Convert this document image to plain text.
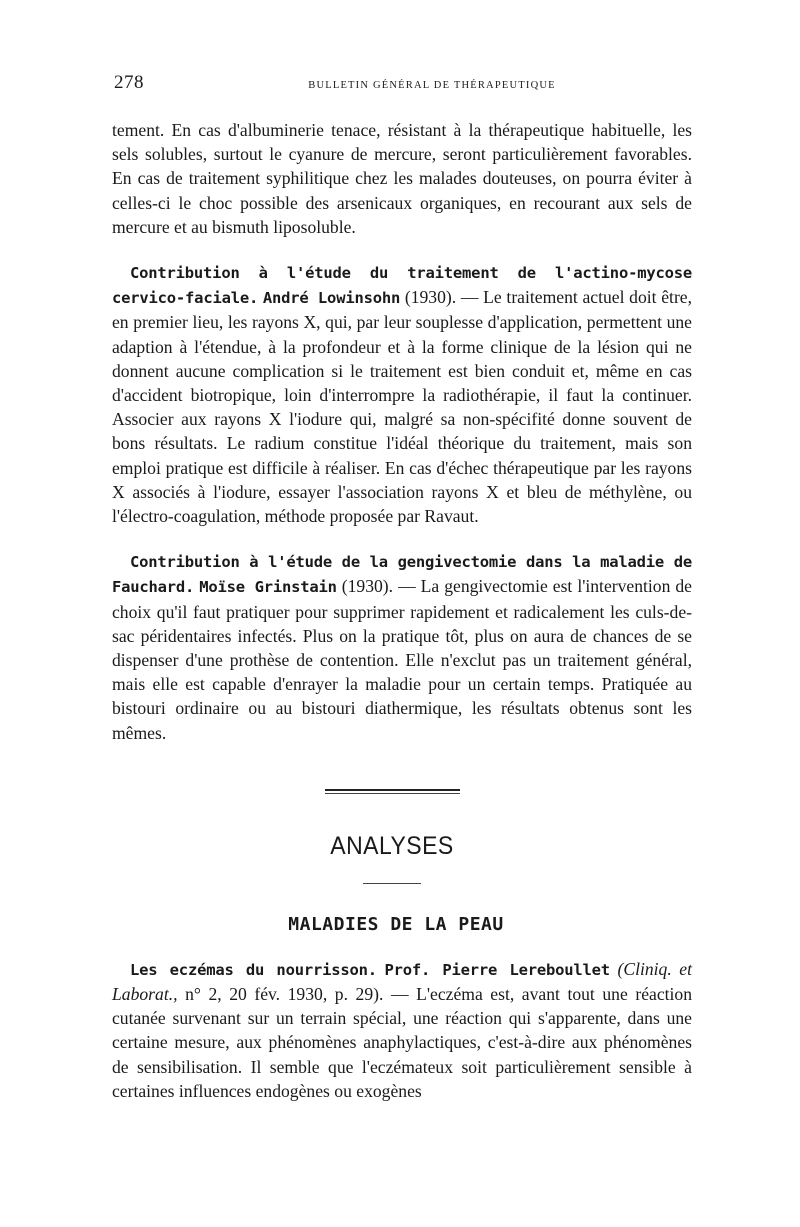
278	BULLETIN GÉNÉRAL DE THÉRAPEUTIQUE

tement. En cas d'albuminerie tenace, résistant à la thérapeutique habituelle, les sels solubles, surtout le cyanure de mercure, seront particulièrement favorables. En cas de traitement syphilitique chez les malades douteuses, on pourra éviter à celles-ci le choc possible des arsenicaux organiques, en recourant aux sels de mercure et au bismuth liposoluble.

Contribution à l'étude du traitement de l'actino-mycose cervico-faciale. André Lowinsohn (1930). — Le traitement actuel doit être, en premier lieu, les rayons X, qui, par leur souplesse d'application, permettent une adaption à l'étendue, à la profondeur et à la forme clinique de la lésion qui ne donnent aucune complication si le traitement est bien conduit et, même en cas d'accident biotropique, loin d'interrompre la radiothérapie, il faut la continuer. Associer aux rayons X l'iodure qui, malgré sa non-spécifité donne souvent de bons résultats. Le radium constitue l'idéal théorique du traitement, mais son emploi pratique est difficile à réaliser. En cas d'échec thérapeutique par les rayons X associés à l'iodure, essayer l'association rayons X et bleu de méthylène, ou l'électro-coagulation, méthode proposée par Ravaut.

Contribution à l'étude de la gengivectomie dans la maladie de Fauchard. Moïse Grinstain (1930). — La gengivectomie est l'intervention de choix qu'il faut pratiquer pour supprimer rapidement et radicalement les culs-de-sac péridentaires infectés. Plus on la pratique tôt, plus on aura de chances de se dispenser d'une prothèse de contention. Elle n'exclut pas un traitement général, mais elle est capable d'enrayer la maladie pour un certain temps. Pratiquée au bistouri ordinaire ou au bistouri diathermique, les résultats obtenus sont les mêmes.

ANALYSES
MALADIES DE LA PEAU

Les eczémas du nourrisson. Prof. Pierre Lereboullet (Cliniq. et Laborat., n° 2, 20 fév. 1930, p. 29). — L'eczéma est, avant tout une réaction cutanée survenant sur un terrain spécial, une réaction qui s'apparente, dans une certaine mesure, aux phénomènes anaphylactiques, c'est-à-dire aux phénomènes de sensibilisation. Il semble que l'eczémateux soit particulièrement sensible à certaines influences endogènes ou exogènes
